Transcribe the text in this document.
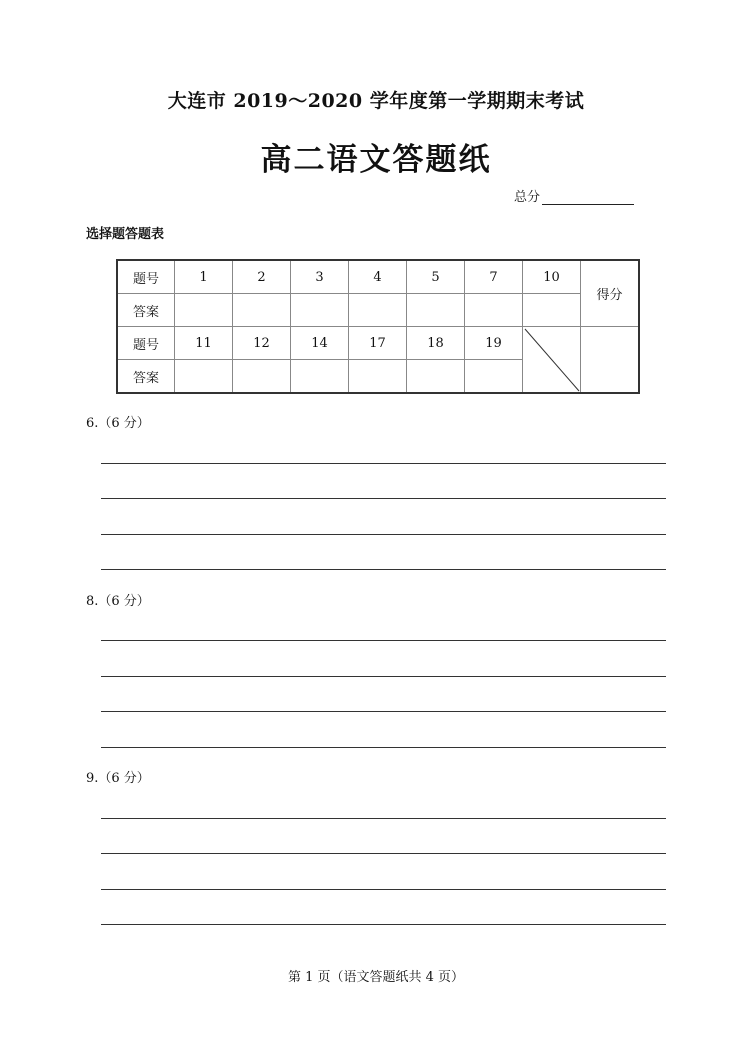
大连市 2019～2020 学年度第一学期期末考试
高二语文答题纸
总分
选择题答题表
题号	1	2	3	4	5	7	10	得分
答案								
题号	11	12	14	17	18	19	

答案								
6.（6 分）
8.（6 分）
9.（6 分）
第 1 页（语文答题纸共 4 页）
